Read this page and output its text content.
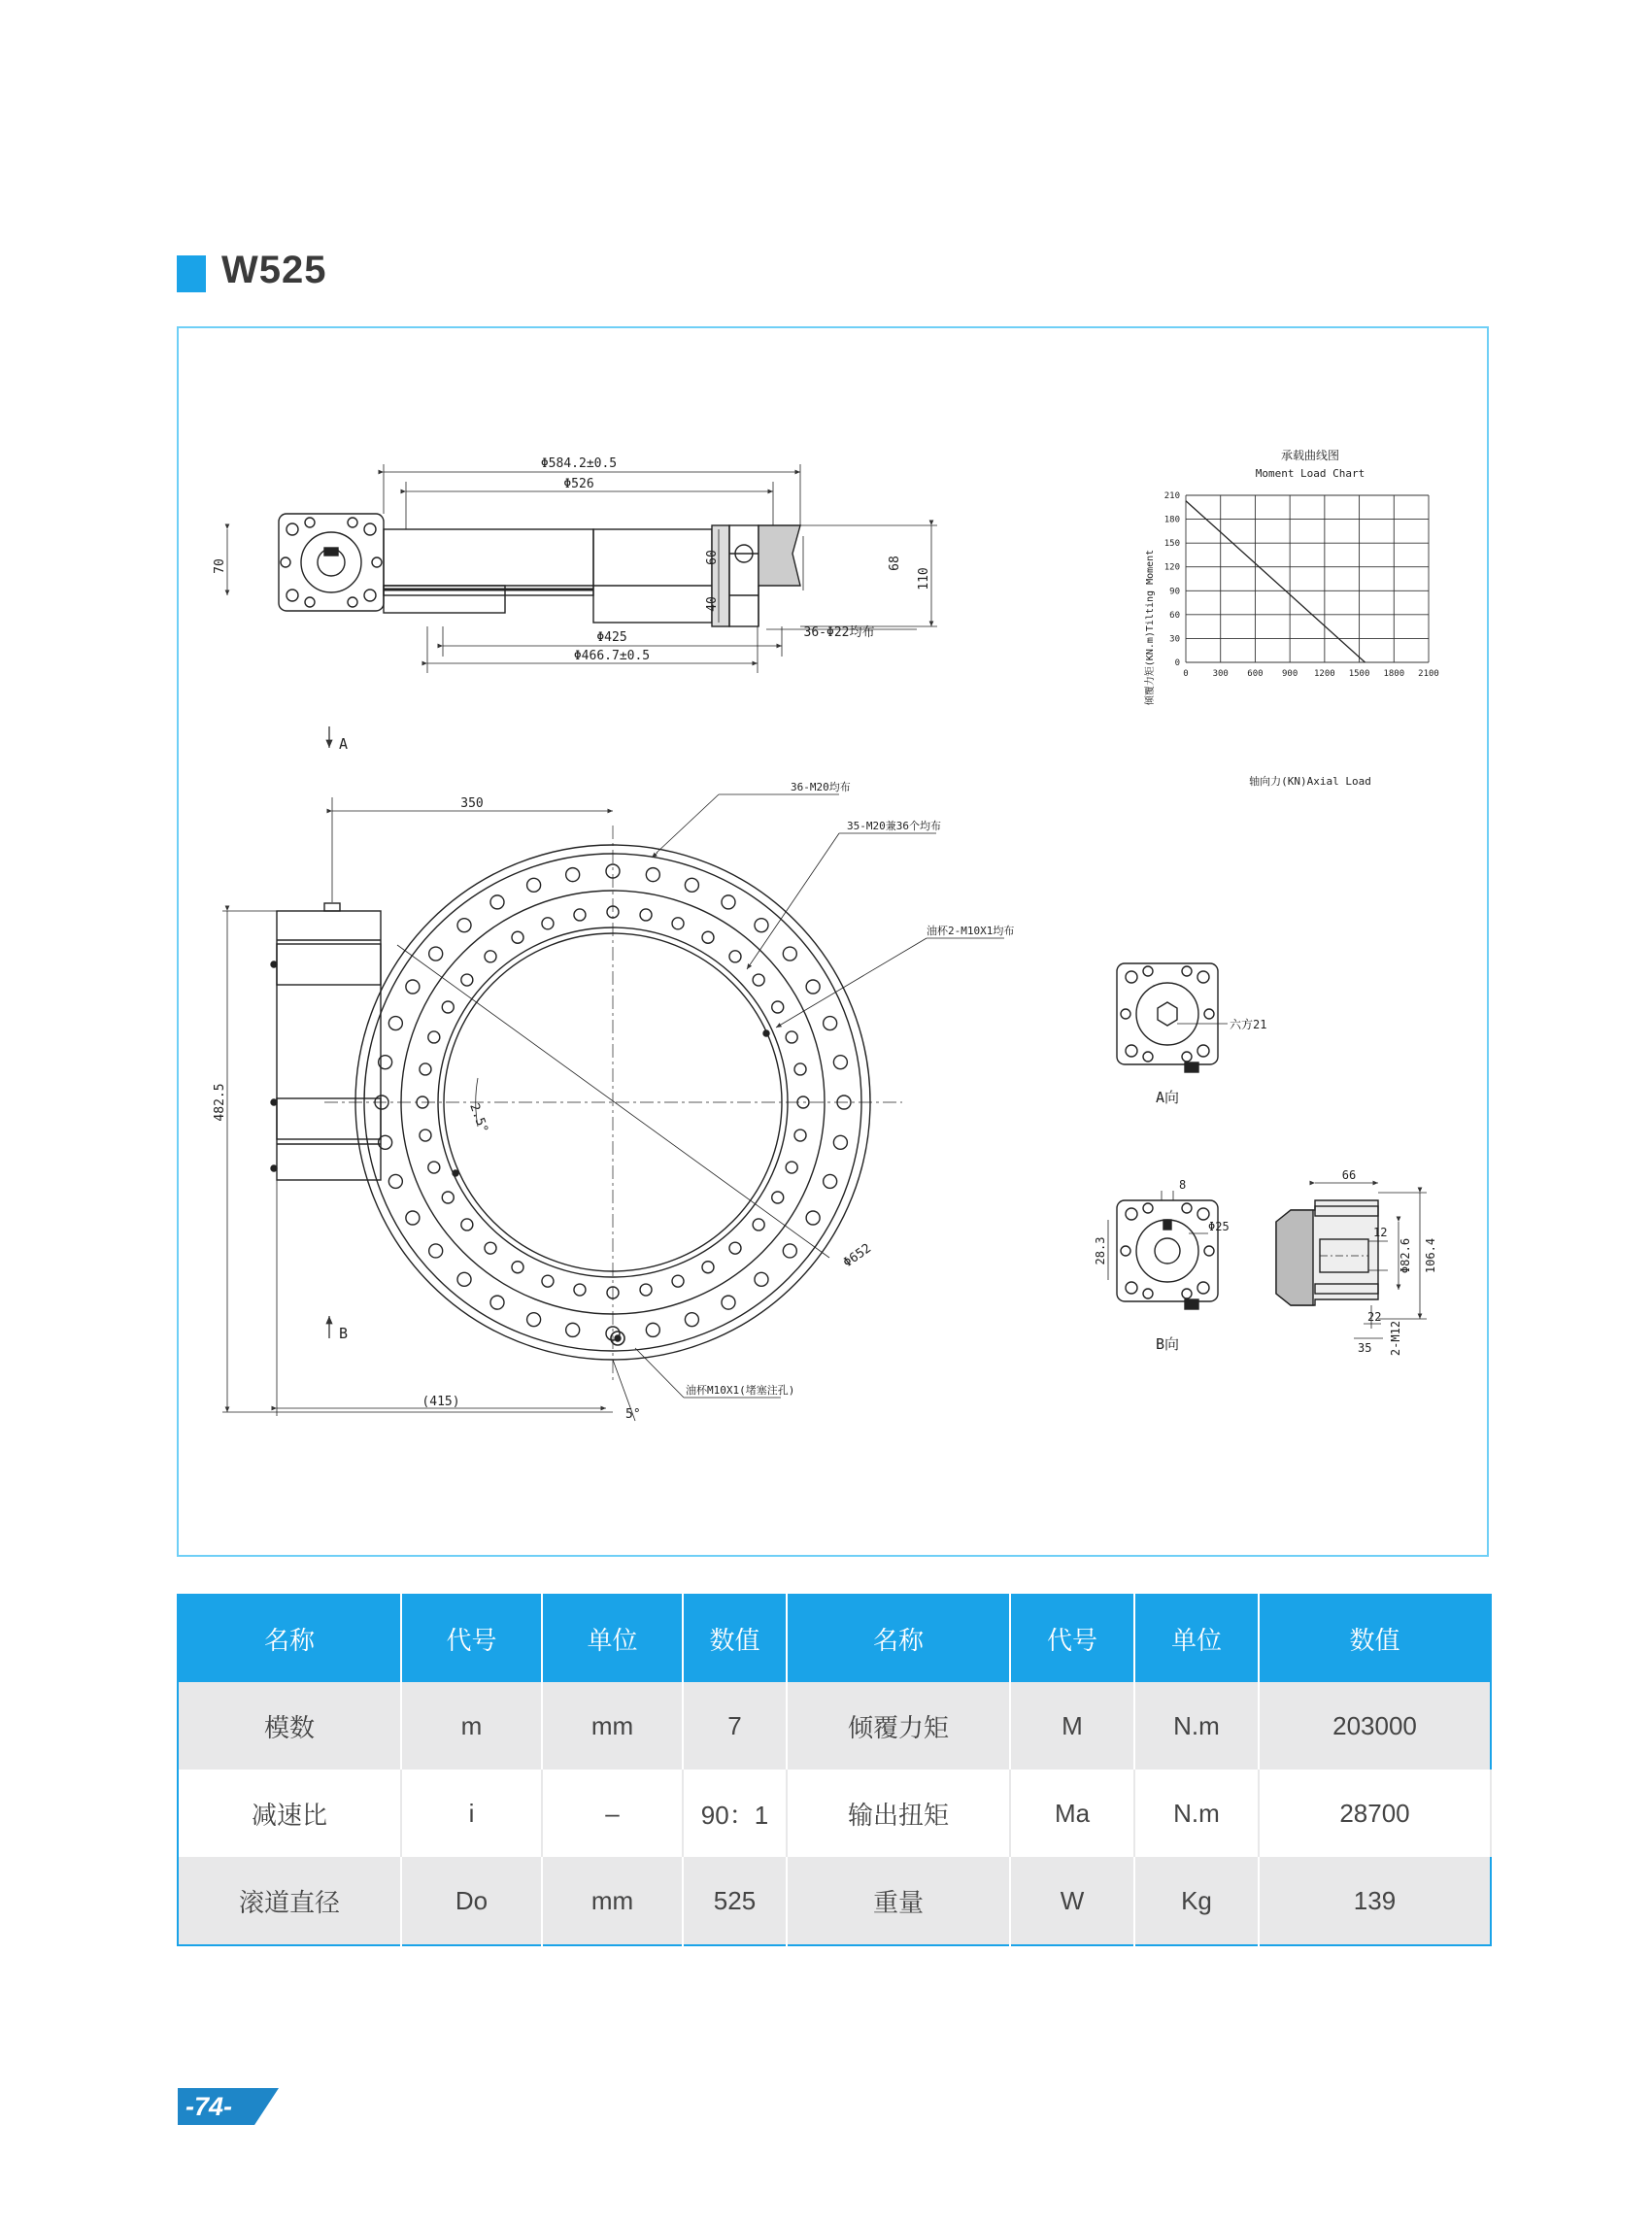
W525
Φ584.2±0.5
Φ526
Φ425
Φ466.7±0.5
70
60
40
68
110
36-Φ22均布
承载曲线图
Moment Load Chart
0	300 600 900 1200 1500 1800 2100
0
30
60
90
120
150
180
210
轴向力(KN)Axial Load
倾覆力矩(KN.m)Tilting Moment
A
B
350
482.5
(415)
5°
2.5°
Φ652
36-M20均布
35-M20兼36个均布
油杯2-M10X1均布
油杯M10X1(堵塞注孔)
六方21
A向
8
28.3
Φ25
B向
66
12
Φ82.6 106.4
22
35 2-M12
名称	代号	单位	数值	名称	代号	单位	数值
模数	m	mm	7	倾覆力矩	M	N.m	203000
减速比	i	–	90：1	输出扭矩	Ma	N.m	28700
滚道直径	Do	mm	525	重量	W	Kg	139
-74-
